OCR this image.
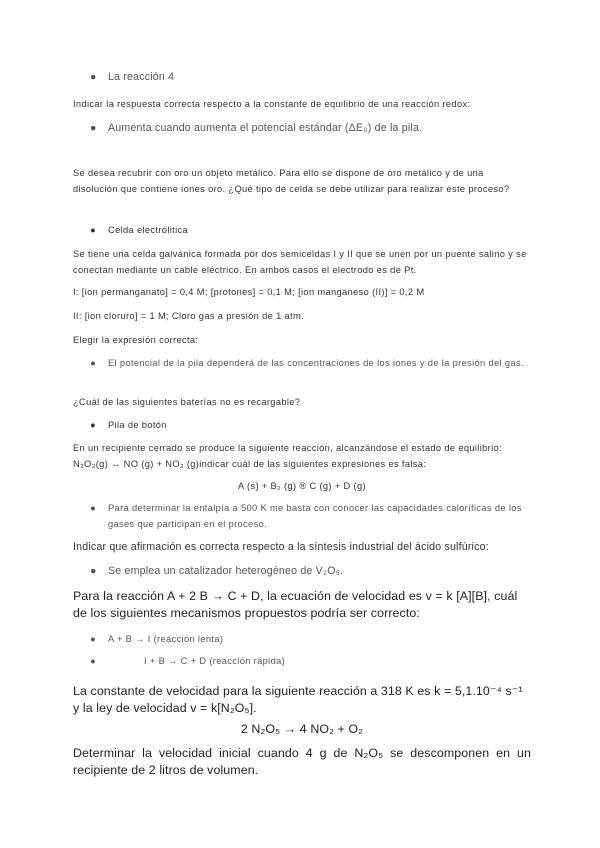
● La reacción 4

Indicar la respuesta correcta respecto a la constante de equilibrio de una reacción redox:

● Aumenta cuando aumenta el potencial estándar (ΔE₀) de la pila.

Se desea recubrir con oro un objeto metálico. Para ello se dispone de oro metálico y de una disolución que contiene iones oro. ¿Qué tipo de celda se debe utilizar para realizar este proceso?

● Celda electrólitica

Se tiene una celda galvánica formada por dos semiceldas I y II que se unen por un puente salino y se conectan mediante un cable eléctrico. En ambos casos el electrodo es de Pt.

I: [ion permanganato] = 0,4 M; [protones] = 0,1 M; [ion manganeso (II)] = 0,2 M

II: [ion cloruro] = 1 M; Cloro gas a presión de 1 atm.

Elegir la expresión correcta:

● El potencial de la pila dependerá de las concentraciones de los iones y de la presión del gas.

¿Cuál de las siguientes baterías no es recargable?

● Pila de botón

En un recipiente cerrado se produce la siguiente reacción, alcanzándose el estado de equilibrio:

N₂O₃(g) ↔ NO (g) + NO₂ (g)indicar cuál de las siguientes expresiones es falsa:

A (s) + B₂ (g) ® C (g) + D (g)

● Para determinar la entalpía a 500 K me basta con conocer las capacidades caloríficas de los gases que participan en el proceso.

Indicar que afirmación es correcta respecto a la síntesis industrial del ácido sulfúrico:

● Se emplea un catalizador heterogéneo de V₂O₅.

Para la reacción A + 2 B → C + D, la ecuación de velocidad es v = k [A][B], cuál de los siguientes mecanismos propuestos podría ser correcto:

● A + B → I (reacción lenta)
●	I + B → C + D (reacción rápida)

La constante de velocidad para la siguiente reacción a 318 K es k = 5,1.10⁻⁴ s⁻¹ y la ley de velocidad v = k[N₂O₅].

2 N₂O₅ → 4 NO₂ + O₂

Determinar la velocidad inicial cuando 4 g de N₂O₅ se descomponen en un recipiente de 2 litros de volumen.
